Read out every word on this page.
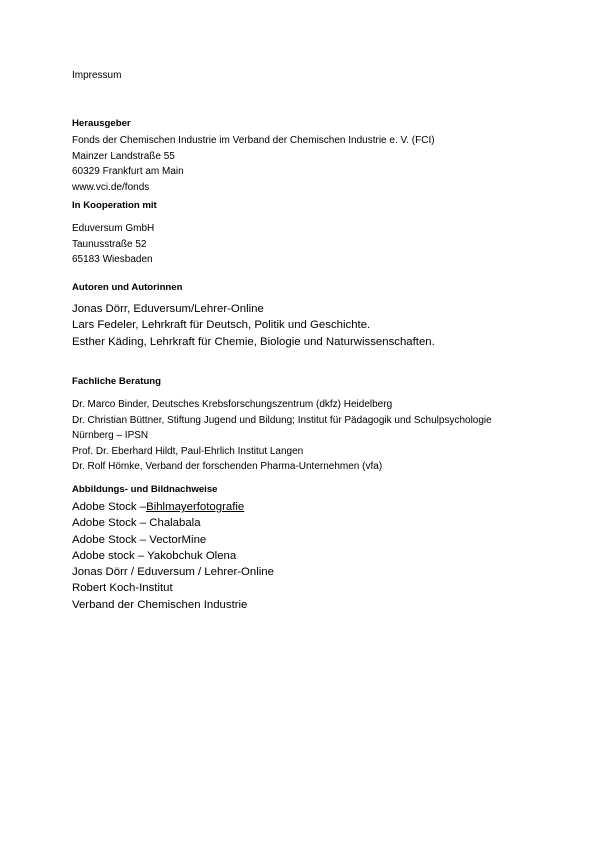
Impressum
Herausgeber
Fonds der Chemischen Industrie im Verband der Chemischen Industrie e. V. (FCI)
Mainzer Landstraße 55
60329 Frankfurt am Main
www.vci.de/fonds
In Kooperation mit
Eduversum GmbH
Taunusstraße 52
65183 Wiesbaden
Autoren und Autorinnen
Jonas Dörr, Eduversum/Lehrer-Online
Lars Fedeler, Lehrkraft für Deutsch, Politik und Geschichte.
Esther Käding, Lehrkraft für Chemie, Biologie und Naturwissenschaften.
Fachliche Beratung
Dr. Marco Binder, Deutsches Krebsforschungszentrum (dkfz) Heidelberg
Dr. Christian Büttner, Stiftung Jugend und Bildung; Institut für Pädagogik und Schulpsychologie
Nürnberg – IPSN
Prof. Dr. Eberhard Hildt, Paul-Ehrlich Institut Langen
Dr. Rolf Hömke, Verband der forschenden Pharma-Unternehmen (vfa)
Abbildungs- und Bildnachweise
Adobe Stock –Bihlmayerfotografie
Adobe Stock – Chalabala
Adobe Stock – VectorMine
Adobe stock – Yakobchuk Olena
Jonas Dörr / Eduversum / Lehrer-Online
Robert Koch-Institut
Verband der Chemischen Industrie
